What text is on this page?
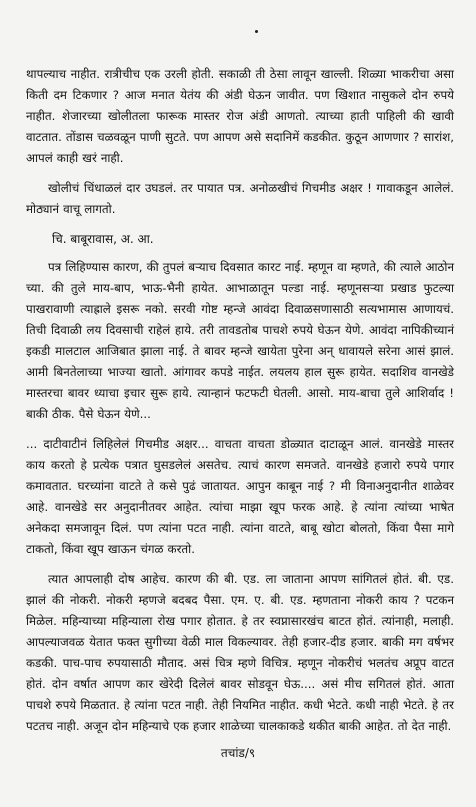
थापल्याच नाहीत. रात्रीचीच एक उरली होती. सकाळी ती ठेसा लावून खाल्ली. शिळ्या भाकरीचा असा किती दम टिकणार ? आज मनात येतंय की अंडी घेऊन जावीत. पण खिशात नासुकले दोन रुपये नाहीत. शेजारच्या खोलीतला फारूक मास्तर रोज अंडी आणतो. त्याच्या हाती पाहिली की खावी वाटतात. तोंडास चळवळून पाणी सुटते. पण आपण असे सदानिमें कडकीत. कुठून आणणार ? सारांश, आपलं काही खरं नाही.

खोलीचं चिंधाळलं दार उघडलं. तर पायात पत्र. अनोळखीचं गिचमीड अक्षर ! गावाकडून आलेलं. मोठ्यानं वाचू लागतो.

चि. बाबूरावास, अ. आ.

पत्र लिहिण्यास कारण, की तुपलं बऱ्याच दिवसात कारट नाई. म्हणून वा म्हणते, की त्याले आठोन च्या. की तुले माय-बाप, भाऊ-भैनी हायेत. आभाळातून पल्डा नाई. म्हणूनसऱ्या प्रखाड फुटल्या पाखरावाणी त्याह्राले इसरू नको. सरवी गोष्ट म्हन्जे आवंदा दिवाळसणासाठी सत्यभामास आणायचं. तिची दिवाळी लय दिवसाची राहेलं हाये. तरी तावडतोब पाचशे रुपये घेऊन येणे. आवंदा नापिकीच्यानं इकडी मालटाल आजिबात झाला नाई. ते बावर म्हन्जे खायेता पुरेना अन् धावायले सरेना आसं झालं. आमी बिनतेलाच्या भाज्या खातो. आंगावर कपडे नाईत. लयलय हाल सुरू हायेत. सदाशिव वानखेडे मास्तरचा बावर ध्याचा इचार सुरू हाये. त्यान्हानं फटफटी घेतली. आसो. माय-बाचा तुले आशिर्वाद ! बाकी ठीक. पैसे घेऊन येणे...

... दाटीवाटीनं लिहिलेलं गिचमीड अक्षर... वाचता वाचता डोळ्यात दाटाळून आलं. वानखेडे मास्तर काय करतो हे प्रत्येक पत्रात घुसडलेलं असतेच. त्याचं कारण समजते. वानखेडे हजारो रुपये पगार कमावतात. घरच्यांना वाटते ते कसे पुढं जातायत. आपुन काबून नाई ? मी विनाअनुदानीत शाळेवर आहे. वानखेडे सर अनुदानीतवर आहेत. त्यांचा माझा खूप फरक आहे. हे त्यांना त्यांच्या भाषेत अनेकदा समजावून दिलं. पण त्यांना पटत नाही. त्यांना वाटते, बाबू खोटा बोलतो, किंवा पैसा मागे टाकतो, किंवा खूप खाऊन चंगळ करतो.

त्यात आपलाही दोष आहेच. कारण की बी. एड. ला जाताना आपण सांगितलं होतं. बी. एड. झालं की नोकरी. नोकरी म्हणजे बदबद पैसा. एम. ए. बी. एड. म्हणताना नोकरी काय ? पटकन मिळेल. महिन्याच्या महिन्याला रोख पगार होतात. हे तर स्वप्नासारखंच बाटत होतं. त्यांनाही, मलाही. आपल्याजवळ येतात फक्त सुगीच्या वेळी माल विकल्यावर. तेही हजार-दीड हजार. बाकी मग वर्षभर कडकी. पाच-पाच रुपयासाठी मौताद. असं चित्र म्हणे विचित्र. म्हणून नोकरीचं भलतंच अप्रूप वाटत होतं. दोन वर्षात आपण कार खेरेदी दिलेलं बावर सोडवून घेऊ.... असं मीच सगितलं होतं. आता पाचशे रुपये मिळतात. हे त्यांना पटत नाही. तेही नियमित नाहीत. कधी भेटते. कधी नाही भेटते. हे तर पटतच नाही. अजून दोन महिन्याचे एक हजार शाळेच्या चालकाकडे थकीत बाकी आहेत. तो देत नाही.

तचांड/९
